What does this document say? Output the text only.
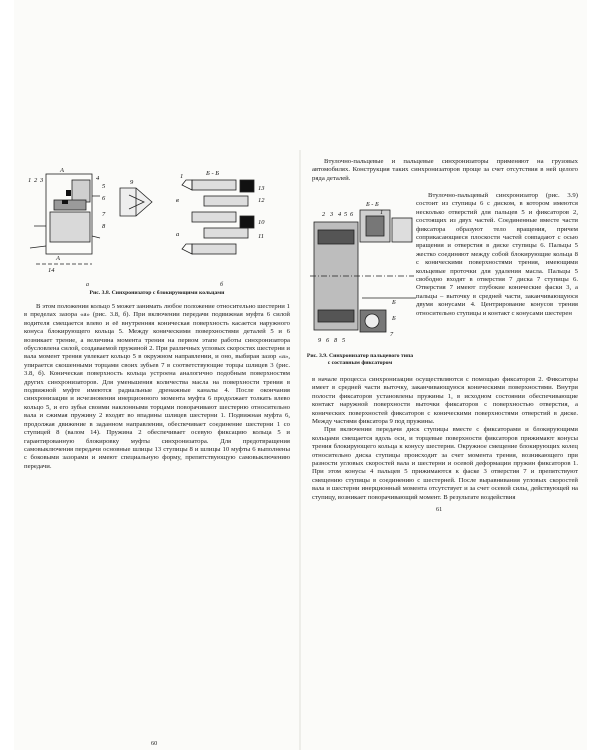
1 2 3
А
4
5
6
7
8
9
А
14
Б - Б
13
1
12
10
11
в
а
а	б
Рис. 3.8. Синхронизатор с блокирующими кольцами

В этом положении кольцо 5 может занимать любое положение относительно шестерни 1 в пределах зазора «а» (рис. 3.8, б). При включении передачи подвижная муфта 6 силой водителя смещается влево и её внутренняя коническая поверхность касается наружного конуса блокирующего кольца 5. Между коническими поверхностями деталей 5 и 6 возникает трение, а величина момента трения на первом этапе работы синхронизатора обусловлена силой, создаваемой пружиной 2. При различных угловых скоростях шестерни и вала момент трения увлекает кольцо 5 в окружном направлении, и оно, выбирая зазор «а», упирается скошенными торцами своих зубьев 7 в соответствующие торцы шлицев 3 (рис. 3.8, б). Коническая поверхность кольца устроена аналогично подобным поверхностям других синхронизаторов. Для уменьшения количества масла на поверхности трения в подвижной муфте имеются радиальные дренажные каналы 4. После окончания синхронизации и исчезновения инерционного момента муфта 6 продолжает толкать влево кольцо 5, и его зубья своими наклонными торцами поворачивают шестерню относительно вала и сжимая пружину 2 входят во впадины шлицев шестерни 1. Подвижная муфта 6, продолжая движение в заданном направлении, обеспечивает соединение шестерни 1 со ступицей 8 (валом 14). Пружина 2 обеспечивает осевую фиксацию кольца 5 и гарантированную блокировку муфты синхронизатора. Для предотвращения самовыключения передачи основные шлицы 13 ступицы 8 и шлицы 10 муфты 6 выполнены с боковыми зазорами и имеют специальную форму, препятствующую самовыключению передачи.

60

Втулочно-пальцевые и пальцевые синхронизаторы применяют на грузовых автомобилях. Конструкция таких синхронизаторов проще за счет отсутствия в ней целого ряда деталей.

Втулочно-пальцевый синхронизатор (рис. 3.9) состоит из ступицы 6 с диском, в котором имеются несколько отверстий для пальцев 5 и фиксаторов 2, состоящих из двух частей. Соединенные вместе части фиксатора образуют тело вращения, причем соприкасающиеся плоскости частей совпадают с осью вращения и отверстия в диске ступицы 6. Пальцы 5 жестко соединяют между собой блокирующие кольца 8 с коническими поверхностями трения, имеющими кольцевые проточки для удаления масла. Пальцы 5 свободно входят в отверстия 7 диска 7 ступицы 6. Отверстия 7 имеют глубокие конические фаски 3, а пальцы – выточку в средней части, заканчивающуюся двумя конусами 4. Центрирование конусов трения относительно ступицы и контакт с конусами шестерен

Б - Б
1
2 3 4 5 6
Б
Б
7
9 6 8 5
Рис. 3.9. Синхронизатор пальцевого типа с составным фиксатором

в начале процесса синхронизации осуществляются с помощью фиксаторов 2. Фиксаторы имеет в средней части выточку, заканчивающуюся коническими поверхностями. Внутри полости фиксаторов установлены пружины 1, в исходном состоянии обеспечивающие контакт наружной поверхности выточки фиксаторов с поверхностью отверстия, а конических поверхностей фиксаторов с коническими поверхностями отверстий в диске. Между частями фиксатора 9 под пружины.

При включении передачи диск ступицы вместе с фиксаторами и блокирующими кольцами смещается вдоль оси, и торцевые поверхности фиксаторов прижимают конусы трения блокирующего кольца к конусу шестерни. Окружное смещение блокирующих колец относительно диска ступицы происходит за счет момента трения, возникающего при разности угловых скоростей вала и шестерни и осевой деформации пружин фиксаторов 1. При этом конусы 4 пальцев 5 прижимаются к фаске 3 отверстия 7 и препятствуют смещению ступицы в соединению с шестерней. После выравнивания угловых скоростей вала и шестерни инерционный момента отсутствует и за счет осевой силы, действующей на ступицу, возникает поворачивающий момент. В результате воздействия

61
